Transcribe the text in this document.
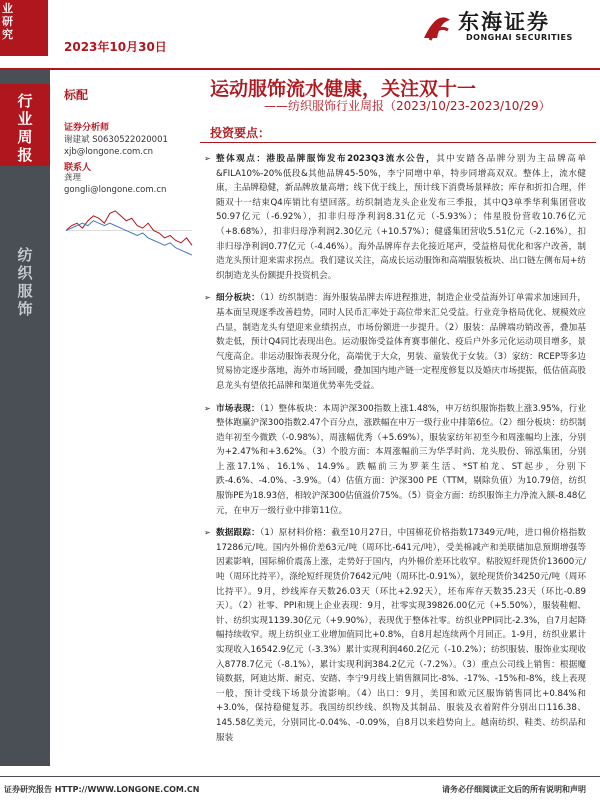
业研究
2023年10月30日
东海证券
DONGHAI SECURITIES
行业周报
纺织服饰
标配
证券分析师
谢建斌 S0630522020001
xjb@longone.com.cn
联系人
龚理
gongli@longone.com.cn
运动服饰流水健康，关注双十一
——纺织服饰行业周报（2023/10/23-2023/10/29）
投资要点：
➢ 整体观点：港股品牌服饰发布2023Q3流水公告，其中安踏各品牌分别为主品牌高单&FILA10%-20%低段&其他品牌45-50%，李宁同增中单，特步同增高双双。整体上，流水健康，主品牌稳健，新品牌放量高增；线下优于线上，预计线下消费场景释放；库存和折扣合理，伴随双十一结束Q4库销比有望回落。纺织制造龙头企业发布三季报，其中Q3单季华利集团营收50.97亿元（-6.92%），扣非归母净利润8.31亿元（-5.93%）；伟星股份营收10.76亿元（+8.68%），扣非归母净利润2.30亿元（+10.57%）；健盛集团营收5.51亿元（-2.16%），扣非归母净利润0.77亿元（-4.46%）。海外品牌库存去化接近尾声，受益格局优化和客户改善，制造龙头预计迎来需求拐点。我们建议关注，高成长运动服饰和高端服装板块、出口链左侧布局+纺织制造龙头份额提升投资机会。
➢ 细分板块：（1）纺织制造：海外服装品牌去库进程推进，制造企业受益海外订单需求加速回升，基本面呈现逐季改善趋势，同时人民币汇率处于高位带来汇兑受益。行业竞争格局优化、规模效应凸显，制造龙头有望迎来业绩拐点，市场份额进一步提升。（2）服装：品牌端功销改善，叠加基数走低，预计Q4同比表现出色。运动服饰受益体育赛事催化、疫后户外多元化运动项目增多，景气度高企。非运动服饰表现分化，高端优于大众，男装、童装优于女装。（3）家纺：RCEP等多边贸易协定逐步落地，海外市场回暖，叠加国内地产链一定程度修复以及婚庆市场提振，低估值高股息龙头有望依托品牌和渠道优势率先受益。
➢ 市场表现：（1）整体板块：本周沪深300指数上涨1.48%，申万纺织服饰指数上涨3.95%，行业整体跑赢沪深300指数2.47个百分点，涨跌幅在申万一级行业中排第6位。（2）细分板块：纺织制造年初至今微跌（-0.98%），周涨幅优秀（+5.69%），服装家纺年初至今和周涨幅均上涨，分别为+2.47%和+3.62%。（3）个股方面：本周涨幅前三为华孚时尚、龙头股份、锦泓集团，分别上涨17.1%、16.1%、14.9%。跌幅前三为罗莱生活、*ST柏龙、ST起步，分别下跌-4.6%、-4.0%、-3.9%。（4）估值方面：沪深300 PE（TTM，剔除负值）为10.79倍，纺织服饰PE为18.93倍，相较沪深300估值溢价75%。（5）资金方面：纺织服饰主力净流入额-8.48亿元，在申万一级行业中排第11位。
➢ 数据跟踪：（1）原材料价格：截至10月27日，中国棉花价格指数17349元/吨，进口棉价格指数17286元/吨。国内外棉价差63元/吨（周环比-641元/吨），受美棉减产和美联储加息预期增强等因素影响，国际棉价震荡上涨，走势好于国内，内外棉价差环比收窄。粘胶短纤现货价13600元/吨（周环比持平），涤纶短纤现货价7642元/吨（周环比-0.91%），氨纶现货价34250元/吨（周环比持平）。9月，纱线库存天数26.03天（环比+2.92天），坯布库存天数35.23天（环比-0.89天）。（2）社零、PPI和规上企业表现：9月，社零实现39826.00亿元（+5.50%），服装鞋帽、针、纺织实现1139.30亿元（+9.90%），表现优于整体社零。纺织业PPI同比-2.3%，自7月起降幅持续收窄。规上纺织业工业增加值同比+0.8%，自8月起连续两个月回正。1-9月，纺织业累计实现收入16542.9亿元（-3.3%）累计实现利润460.2亿元（-10.2%）；纺织服装、服饰业实现收入8778.7亿元（-8.1%），累计实现利润384.2亿元（-7.2%）。（3）重点公司线上销售：根据魔镜数据，阿迪达斯、耐克、安踏、李宁9月线上销售额同比-8%、-17%、-15%和-8%，线上表现一般，预计受线下场景分流影响。（4）出口：9月，美国和欧元区服饰销售同比+0.84%和+3.0%，保持稳健复苏。我国纺织纱线、织物及其制品、服装及衣着附件分别出口116.38、145.58亿美元，分别同比-0.04%、-0.09%，自8月以来趋势向上。越南纺织、鞋类、纺织品和服装
证券研究报告 HTTP://WWW.LONGONE.COM.CN	请务必仔细阅读正文后的所有说明和声明
